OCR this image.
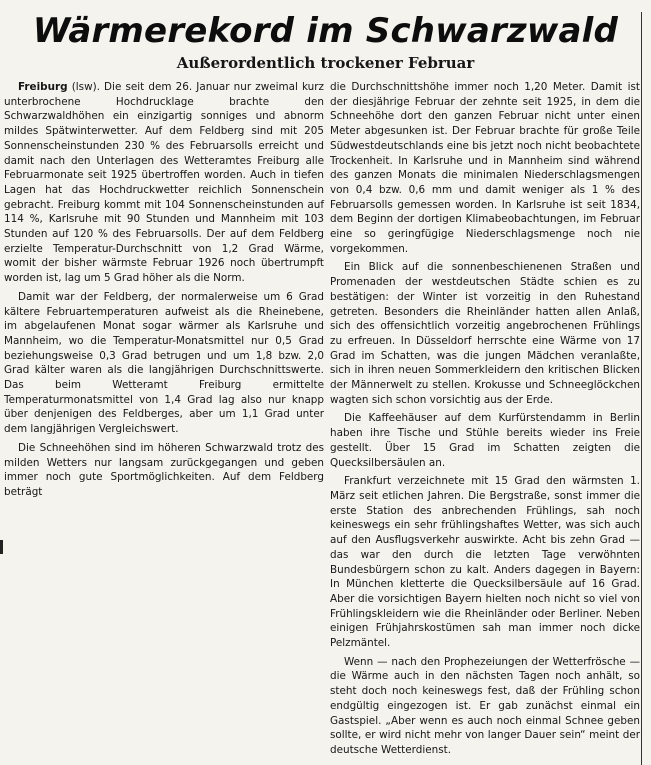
Wärmerekord im Schwarzwald
Außerordentlich trockener Februar

Freiburg (lsw). Die seit dem 26. Januar nur zweimal kurz unterbrochene Hochdrucklage brachte den Schwarzwaldhöhen ein einzigartig sonniges und abnorm mildes Spätwinterwetter. Auf dem Feldberg sind mit 205 Sonnenscheinstunden 230 % des Februarsolls erreicht und damit nach den Unterlagen des Wetteramtes Freiburg alle Februarmonate seit 1925 übertroffen worden. Auch in tiefen Lagen hat das Hochdruckwetter reichlich Sonnenschein gebracht. Freiburg kommt mit 104 Sonnenscheinstunden auf 114 %, Karlsruhe mit 90 Stunden und Mannheim mit 103 Stunden auf 120 % des Februarsolls. Der auf dem Feldberg erzielte Temperatur-Durchschnitt von 1,2 Grad Wärme, womit der bisher wärmste Februar 1926 noch übertrumpft worden ist, lag um 5 Grad höher als die Norm.

Damit war der Feldberg, der normalerweise um 6 Grad kältere Februartemperaturen aufweist als die Rheinebene, im abgelaufenen Monat sogar wärmer als Karlsruhe und Mannheim, wo die Temperatur-Monatsmittel nur 0,5 Grad beziehungsweise 0,3 Grad betrugen und um 1,8 bzw. 2,0 Grad kälter waren als die langjährigen Durchschnittswerte. Das beim Wetteramt Freiburg ermittelte Temperaturmonatsmittel von 1,4 Grad lag also nur knapp über denjenigen des Feldberges, aber um 1,1 Grad unter dem langjährigen Vergleichswert.

Die Schneehöhen sind im höheren Schwarzwald trotz des milden Wetters nur langsam zurückgegangen und geben immer noch gute Sportmöglichkeiten. Auf dem Feldberg beträgt

die Durchschnittshöhe immer noch 1,20 Meter. Damit ist der diesjährige Februar der zehnte seit 1925, in dem die Schneehöhe dort den ganzen Februar nicht unter einen Meter abgesunken ist. Der Februar brachte für große Teile Südwestdeutschlands eine bis jetzt noch nicht beobachtete Trockenheit. In Karlsruhe und in Mannheim sind während des ganzen Monats die minimalen Niederschlagsmengen von 0,4 bzw. 0,6 mm und damit weniger als 1 % des Februarsolls gemessen worden. In Karlsruhe ist seit 1834, dem Beginn der dortigen Klimabeobachtungen, im Februar eine so geringfügige Niederschlagsmenge noch nie vorgekommen.

Ein Blick auf die sonnenbeschienenen Straßen und Promenaden der westdeutschen Städte schien es zu bestätigen: der Winter ist vorzeitig in den Ruhestand getreten. Besonders die Rheinländer hatten allen Anlaß, sich des offensichtlich vorzeitig angebrochenen Frühlings zu erfreuen. In Düsseldorf herrschte eine Wärme von 17 Grad im Schatten, was die jungen Mädchen veranlaßte, sich in ihren neuen Sommerkleidern den kritischen Blicken der Männerwelt zu stellen. Krokusse und Schneeglöckchen wagten sich schon vorsichtig aus der Erde.

Die Kaffeehäuser auf dem Kurfürstendamm in Berlin haben ihre Tische und Stühle bereits wieder ins Freie gestellt. Über 15 Grad im Schatten zeigten die Quecksilbersäulen an.

Frankfurt verzeichnete mit 15 Grad den wärmsten 1. März seit etlichen Jahren. Die Bergstraße, sonst immer die erste Station des anbrechenden Frühlings, sah noch keineswegs ein sehr frühlingshaftes Wetter, was sich auch auf den Ausflugsverkehr auswirkte. Acht bis zehn Grad — das war den durch die letzten Tage verwöhnten Bundesbürgern schon zu kalt. Anders dagegen in Bayern: In München kletterte die Quecksilbersäule auf 16 Grad. Aber die vorsichtigen Bayern hielten noch nicht so viel von Frühlingskleidern wie die Rheinländer oder Berliner. Neben einigen Frühjahrskostümen sah man immer noch dicke Pelzmäntel.

Wenn — nach den Prophezeiungen der Wetterfrösche — die Wärme auch in den nächsten Tagen noch anhält, so steht doch noch keineswegs fest, daß der Frühling schon endgültig eingezogen ist. Er gab zunächst einmal ein Gastspiel. „Aber wenn es auch noch einmal Schnee geben sollte, er wird nicht mehr von langer Dauer sein“ meint der deutsche Wetterdienst.
